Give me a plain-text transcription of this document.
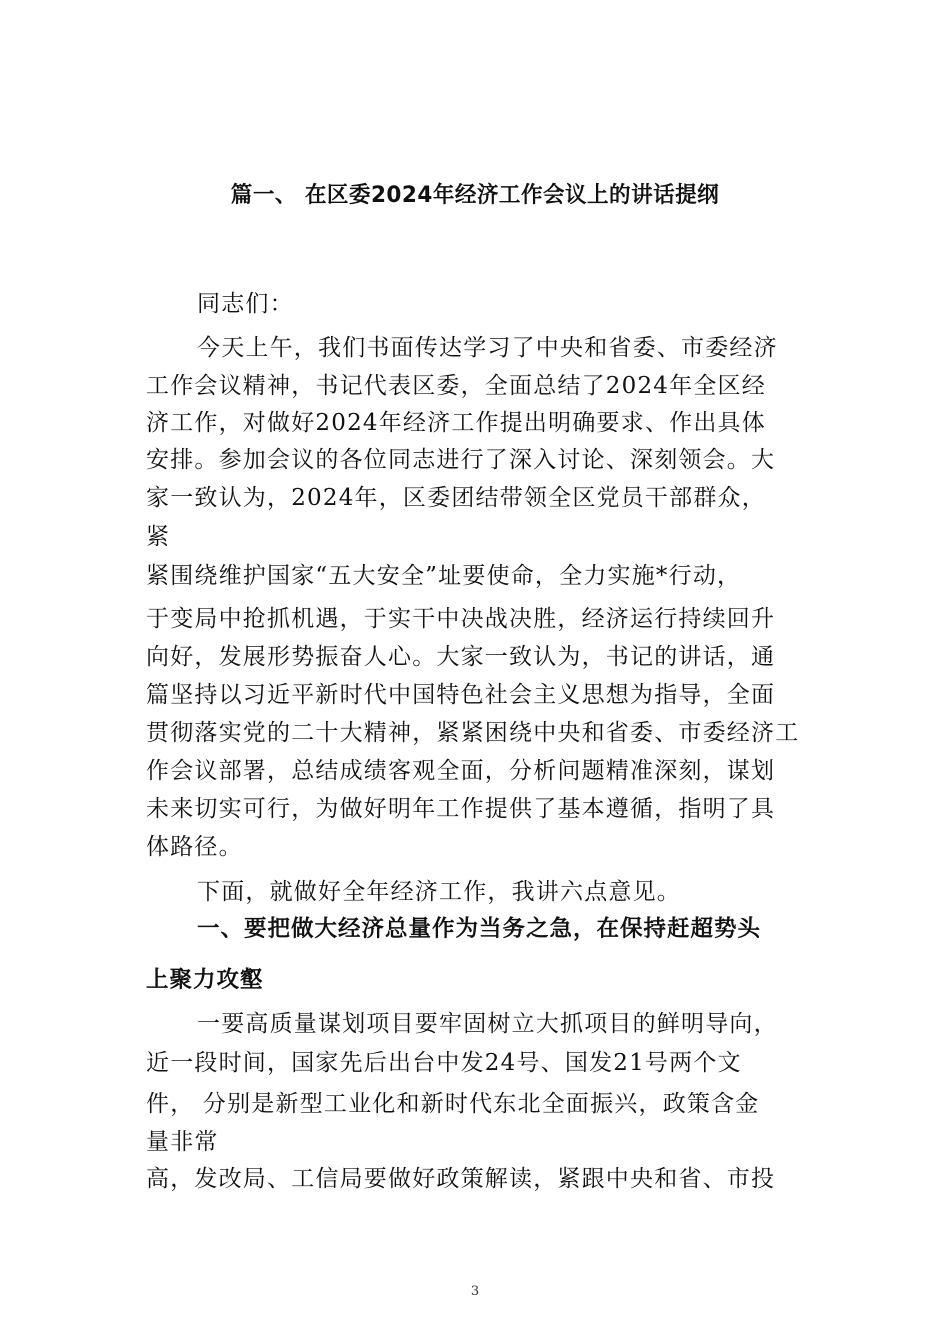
篇一、 在区委2024年经济工作会议上的讲话提纲
同志们：
今天上午，我们书面传达学习了中央和省委、市委经济
工作会议精神，书记代表区委，全面总结了2024年全区经
济工作，对做好2024年经济工作提出明确要求、作出具体
安排。参加会议的各位同志进行了深入讨论、深刻领会。大
家一致认为，2024年，区委团结带领全区党员干部群众，
紧
紧围绕维护国家“五大安全”址要使命，全力实施*行动，
于变局中抢抓机遇，于实干中决战决胜，经济运行持续回升
向好，发展形势振奋人心。大家一致认为，书记的讲话，通
篇坚持以习近平新时代中国特色社会主义思想为指导，全面
贯彻落实党的二十大精神，紧紧困绕中央和省委、市委经济工
作会议部署，总结成绩客观全面，分析问题精准深刻，谋划
未来切实可行，为做好明年工作提供了基本遵循，指明了具
体路径。
下面，就做好全年经济工作，我讲六点意见。
一、要把做大经济总量作为当务之急，在保持赶超势头
上聚力攻壑
一要高质量谋划项目要牢固树立大抓项目的鲜明导向，
近一段时间，国家先后出台中发24号、国发21号两个文
件， 分别是新型工业化和新时代东北全面振兴，政策含金
量非常
高，发改局、工信局要做好政策解读，紧跟中央和省、市投
3
